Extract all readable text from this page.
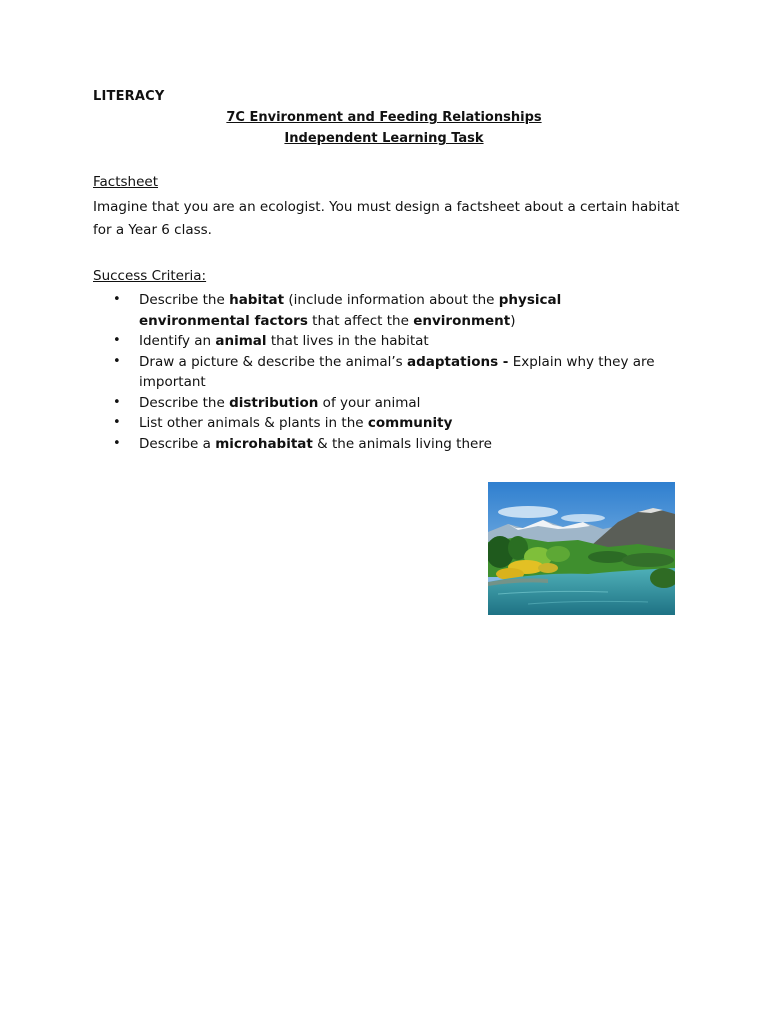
LITERACY
7C Environment and Feeding Relationships
Independent Learning Task
Factsheet
Imagine that you are an ecologist. You must design a factsheet about a certain habitat for a Year 6 class.
Success Criteria:
• Describe the habitat (include information about the physical environmental factors that affect the environment)
• Identify an animal that lives in the habitat
• Draw a picture & describe the animal’s adaptations - Explain why they are important
• Describe the distribution of your animal
• List other animals & plants in the community
• Describe a microhabitat & the animals living there
